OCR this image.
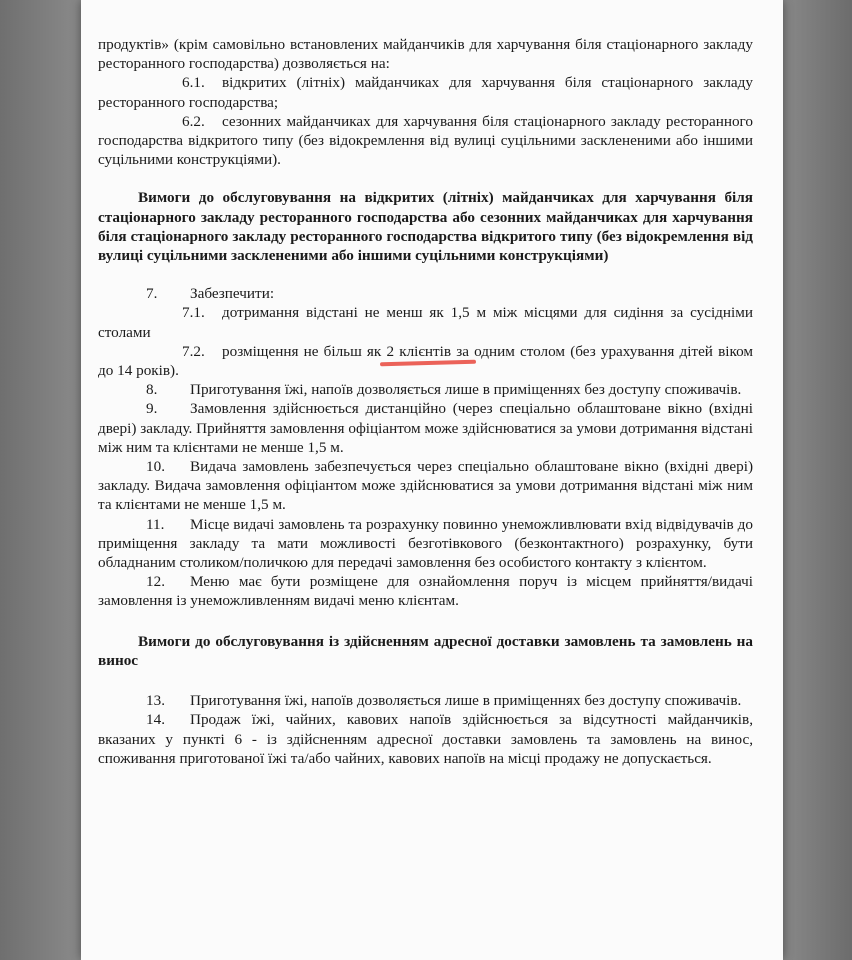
продуктів» (крім самовільно встановлених майданчиків для харчування біля стаціонарного закладу ресторанного господарства) дозволяється на:

6.1. відкритих (літніх) майданчиках для харчування біля стаціонарного закладу ресторанного господарства;

6.2. сезонних майданчиках для харчування біля стаціонарного закладу ресторанного господарства відкритого типу (без відокремлення від вулиці суцільними засклененими або іншими суцільними конструкціями).

Вимоги до обслуговування на відкритих (літніх) майданчиках для харчування біля стаціонарного закладу ресторанного господарства або сезонних майданчиках для харчування біля стаціонарного закладу ресторанного господарства відкритого типу (без відокремлення від вулиці суцільними засклененими або іншими суцільними конструкціями)

7. Забезпечити:

7.1. дотримання відстані не менш як 1,5 м між місцями для сидіння за сусідніми столами

7.2. розміщення не більш як 2 клієнтів за одним столом (без урахування дітей віком до 14 років).

8. Приготування їжі, напоїв дозволяється лише в приміщеннях без доступу споживачів.

9. Замовлення здійснюється дистанційно (через спеціально облаштоване вікно (вхідні двері) закладу. Прийняття замовлення офіціантом може здійснюватися за умови дотримання відстані між ним та клієнтами не менше 1,5 м.

10. Видача замовлень забезпечується через спеціально облаштоване вікно (вхідні двері) закладу. Видача замовлення офіціантом може здійснюватися за умови дотримання відстані між ним та клієнтами не менше 1,5 м.

11. Місце видачі замовлень та розрахунку повинно унеможливлювати вхід відвідувачів до приміщення закладу та мати можливості безготівкового (безконтактного) розрахунку, бути обладнаним столиком/поличкою для передачі замовлення без особистого контакту з клієнтом.

12. Меню має бути розміщене для ознайомлення поруч із місцем прийняття/видачі замовлення із унеможливленням видачі меню клієнтам.

Вимоги до обслуговування із здійсненням адресної доставки замовлень та замовлень на винос

13. Приготування їжі, напоїв дозволяється лише в приміщеннях без доступу споживачів.

14. Продаж їжі, чайних, кавових напоїв здійснюється за відсутності майданчиків, вказаних у пункті 6 - із здійсненням адресної доставки замовлень та замовлень на винос, споживання приготованої їжі та/або чайних, кавових напоїв на місці продажу не допускається.
